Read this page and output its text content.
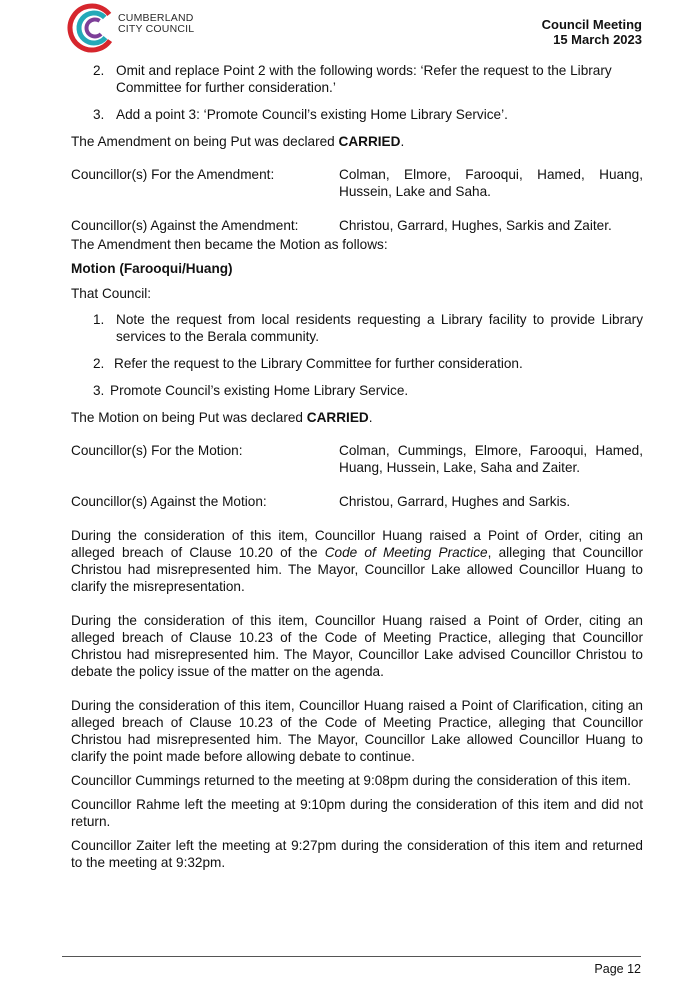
CUMBERLAND
CITY COUNCIL	Council Meeting
15 March 2023
2. Omit and replace Point 2 with the following words: ‘Refer the request to the Library Committee for further consideration.’
3. Add a point 3: ‘Promote Council’s existing Home Library Service’.

The Amendment on being Put was declared CARRIED.

Councillor(s) For the Amendment:	Colman, Elmore, Farooqui, Hamed, Huang, Hussein, Lake and Saha.
Councillor(s) Against the Amendment:	Christou, Garrard, Hughes, Sarkis and Zaiter.

The Amendment then became the Motion as follows:

Motion (Farooqui/Huang)

That Council:

1. Note the request from local residents requesting a Library facility to provide Library services to the Berala community.
2. Refer the request to the Library Committee for further consideration.
3. Promote Council’s existing Home Library Service.

The Motion on being Put was declared CARRIED.

Councillor(s) For the Motion:	Colman, Cummings, Elmore, Farooqui, Hamed, Huang, Hussein, Lake, Saha and Zaiter.
Councillor(s) Against the Motion:	Christou, Garrard, Hughes and Sarkis.

During the consideration of this item, Councillor Huang raised a Point of Order, citing an alleged breach of Clause 10.20 of the Code of Meeting Practice, alleging that Councillor Christou had misrepresented him. The Mayor, Councillor Lake allowed Councillor Huang to clarify the misrepresentation.

During the consideration of this item, Councillor Huang raised a Point of Order, citing an alleged breach of Clause 10.23 of the Code of Meeting Practice, alleging that Councillor Christou had misrepresented him. The Mayor, Councillor Lake advised Councillor Christou to debate the policy issue of the matter on the agenda.

During the consideration of this item, Councillor Huang raised a Point of Clarification, citing an alleged breach of Clause 10.23 of the Code of Meeting Practice, alleging that Councillor Christou had misrepresented him. The Mayor, Councillor Lake allowed Councillor Huang to clarify the point made before allowing debate to continue.

Councillor Cummings returned to the meeting at 9:08pm during the consideration of this item.

Councillor Rahme left the meeting at 9:10pm during the consideration of this item and did not return.

Councillor Zaiter left the meeting at 9:27pm during the consideration of this item and returned to the meeting at 9:32pm.

Page 12
